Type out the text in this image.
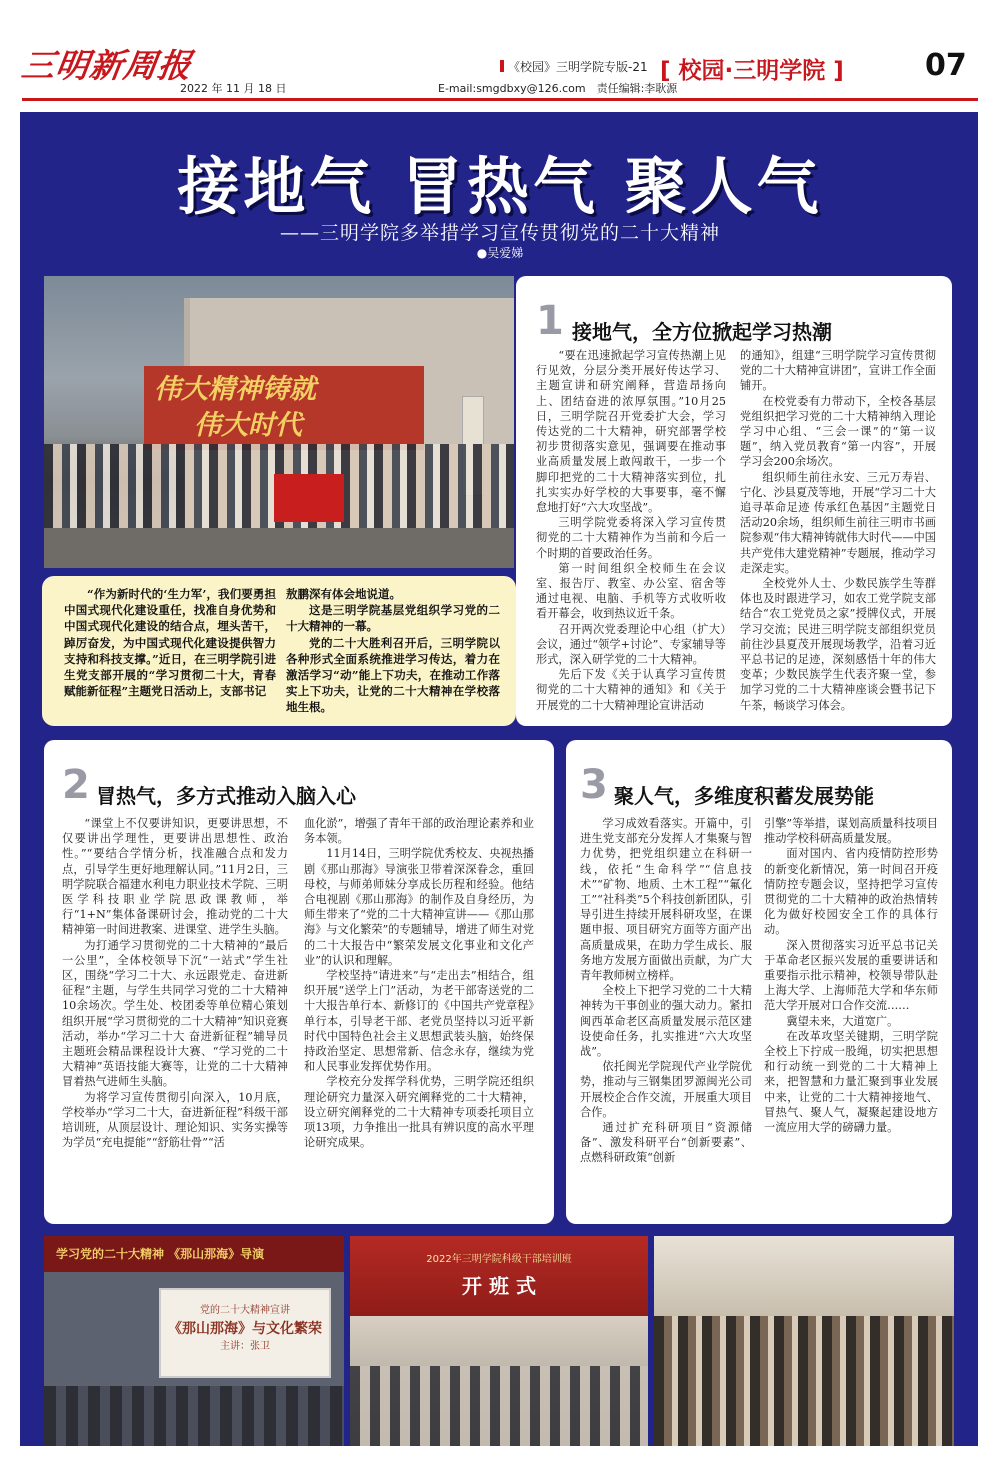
三明新周报
2022 年 11 月 18 日
《校园》三明学院专版-21
E-mail:smgdbxy@126.com　责任编辑:李耿源
[ 校园·三明学院 ]	07
接地气 冒热气 聚人气
——三明学院多举措学习宣传贯彻党的二十大精神
●吴爱娣
伟大精神铸就
伟大时代

“作为新时代的‘生力军’，我们要勇担中国式现代化建设重任，找准自身优势和中国式现代化建设的结合点，埋头苦干，踔厉奋发，为中国式现代化建设提供智力支持和科技支撑。”近日，在三明学院引进生党支部开展的“学习贯彻二十大，青春赋能新征程”主题党日活动上，支部书记

敖鹏深有体会地说道。

这是三明学院基层党组织学习党的二十大精神的一幕。

党的二十大胜利召开后，三明学院以各种形式全面系统推进学习传达，着力在激活学习“动”能上下功夫，在推动工作落实上下功夫，让党的二十大精神在学校落地生根。

1 接地气，全方位掀起学习热潮

“要在迅速掀起学习宣传热潮上见行见效，分层分类开展好传达学习、主题宣讲和研究阐释，营造昂扬向上、团结奋进的浓厚氛围。”10月25日，三明学院召开党委扩大会，学习传达党的二十大精神，研究部署学校初步贯彻落实意见，强调要在推动事业高质量发展上敢闯敢干，一步一个脚印把党的二十大精神落实到位，扎扎实实办好学校的大事要事，毫不懈怠地打好“六大攻坚战”。

三明学院党委将深入学习宣传贯彻党的二十大精神作为当前和今后一个时期的首要政治任务。

第一时间组织全校师生在会议室、报告厅、教室、办公室、宿舍等通过电视、电脑、手机等方式收听收看开幕会，收到热议近千条。

召开两次党委理论中心组（扩大）会议，通过“领学+讨论”、专家辅导等形式，深入研学党的二十大精神。

先后下发《关于认真学习宣传贯彻党的二十大精神的通知》和《关于开展党的二十大精神理论宣讲活动

的通知》，组建“三明学院学习宣传贯彻党的二十大精神宣讲团”，宣讲工作全面铺开。

在校党委有力带动下，全校各基层党组织把学习党的二十大精神纳入理论学习中心组、“三会一课”的“第一议题”，纳入党员教育“第一内容”，开展学习会200余场次。

组织师生前往永安、三元万寿岩、宁化、沙县夏茂等地，开展“学习二十大 追寻革命足迹 传承红色基因”主题党日活动20余场，组织师生前往三明市书画院参观“伟大精神铸就伟大时代——中国共产党伟大建党精神”专题展，推动学习走深走实。

全校党外人士、少数民族学生等群体也及时跟进学习，如农工党学院支部结合“农工党党员之家”授牌仪式，开展学习交流；民进三明学院支部组织党员前往沙县夏茂开展现场教学，沿着习近平总书记的足迹，深刻感悟十年的伟大变革；少数民族学生代表齐聚一堂，参加学习党的二十大精神座谈会暨书记下午茶，畅谈学习体会。

2 冒热气，多方式推动入脑入心

“课堂上不仅要讲知识，更要讲思想，不仅要讲出学理性，更要讲出思想性、政治性。”“要结合学情分析，找准融合点和发力点，引导学生更好地理解认同。”11月2日，三明学院联合福建水利电力职业技术学院、三明医学科技职业学院思政课教师，举行“1+N”集体备课研讨会，推动党的二十大精神第一时间进教案、进课堂、进学生头脑。

为打通学习贯彻党的二十大精神的“最后一公里”，全体校领导下沉“一站式”学生社区，围绕“学习二十大、永远跟党走、奋进新征程”主题，与学生共同学习党的二十大精神10余场次。学生处、校团委等单位精心策划组织开展“学习贯彻党的二十大精神”知识竞赛活动，举办“学习二十大 奋进新征程”辅导员主题班会精品课程设计大赛、“学习党的二十大精神”英语技能大赛等，让党的二十大精神冒着热气进师生头脑。

为将学习宣传贯彻引向深入，10月底，学校举办“学习二十大，奋进新征程”科级干部培训班，从顶层设计、理论知识、实务实操等为学员“充电提能”“舒筋壮骨”“活

血化淤”，增强了青年干部的政治理论素养和业务本领。

11月14日，三明学院优秀校友、央视热播剧《那山那海》导演张卫带着深深眷念，重回母校，与师弟师妹分享成长历程和经验。他结合电视剧《那山那海》的制作及自身经历，为师生带来了“党的二十大精神宣讲——《那山那海》与文化繁荣”的专题辅导，增进了师生对党的二十大报告中“繁荣发展文化事业和文化产业”的认识和理解。

学校坚持“请进来”与“走出去”相结合，组织开展“送学上门”活动，为老干部寄送党的二十大报告单行本、新修订的《中国共产党章程》单行本，引导老干部、老党员坚持以习近平新时代中国特色社会主义思想武装头脑，始终保持政治坚定、思想常新、信念永存，继续为党和人民事业发挥优势作用。

学校充分发挥学科优势，三明学院还组织理论研究力量深入研究阐释党的二十大精神，设立研究阐释党的二十大精神专项委托项目立项13项，力争推出一批具有辨识度的高水平理论研究成果。

3 聚人气，多维度积蓄发展势能

学习成效看落实。开篇中，引进生党支部充分发挥人才集聚与智力优势，把党组织建立在科研一线，依托“生命科学”“信息技术”“矿物、地质、土木工程”“氟化工”“社科类”5个科技创新团队，引导引进生持续开展科研攻坚，在课题申报、项目研究方面等方面产出高质量成果，在助力学生成长、服务地方发展方面做出贡献，为广大青年教师树立榜样。

全校上下把学习党的二十大精神转为干事创业的强大动力。紧扣闽西革命老区高质量发展示范区建设使命任务，扎实推进“六大攻坚战”。

依托闽光学院现代产业学院优势，推动与三钢集团罗源闽光公司开展校企合作交流，开展重大项目合作。

通过扩充科研项目“资源储备”、激发科研平台“创新要素”、点燃科研政策“创新

引擎”等举措，谋划高质量科技项目推动学校科研高质量发展。

面对国内、省内疫情防控形势的新变化新情况，第一时间召开疫情防控专题会议，坚持把学习宣传贯彻党的二十大精神的政治热情转化为做好校园安全工作的具体行动。

深入贯彻落实习近平总书记关于革命老区振兴发展的重要讲话和重要指示批示精神，校领导带队赴上海大学、上海师范大学和华东师范大学开展对口合作交流……

冀望未来，大道宽广。

在改革攻坚关键期，三明学院全校上下拧成一股绳，切实把思想和行动统一到党的二十大精神上来，把智慧和力量汇聚到事业发展中来，让党的二十大精神接地气、冒热气、聚人气，凝聚起建设地方一流应用大学的磅礴力量。

学习党的二十大精神 《那山那海》导演
党的二十大精神宣讲
《那山那海》与文化繁荣
主讲：张卫
2022年三明学院科级干部培训班
开 班 式
